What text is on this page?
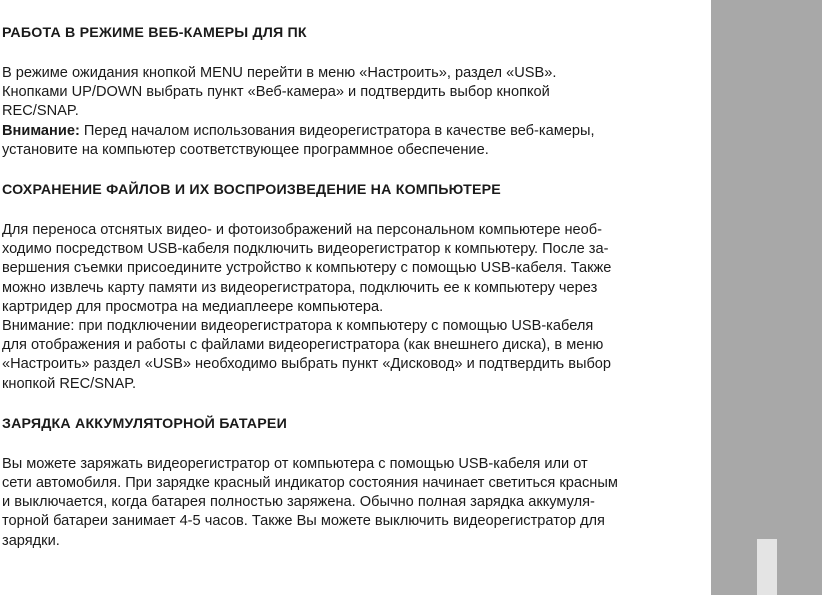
РАБОТА В РЕЖИМЕ ВЕБ-КАМЕРЫ ДЛЯ ПК

В режиме ожидания кнопкой MENU перейти в меню «Настроить», раздел «USB».
Кнопками UP/DOWN выбрать пункт «Веб-камера» и подтвердить выбор кнопкой
REC/SNAP.

Внимание: Перед началом использования видеорегистратора в качестве веб-камеры,
установите на компьютер соответствующее программное обеспечение.

СОХРАНЕНИЕ ФАЙЛОВ И ИХ ВОСПРОИЗВЕДЕНИЕ НА КОМПЬЮТЕРЕ

Для переноса отснятых видео- и фотоизображений на персональном компьютере необ-
ходимо посредством USB-кабеля подключить видеорегистратор к компьютеру. После за-
вершения съемки присоедините устройство к компьютеру с помощью USB-кабеля. Также
можно извлечь карту памяти из видеорегистратора, подключить ее к компьютеру через
картридер для просмотра на медиаплеере компьютера.

Внимание: при подключении видеорегистратора к компьютеру с помощью USB-кабеля
для отображения и работы с файлами видеорегистратора (как внешнего диска), в меню
«Настроить» раздел «USB» необходимо выбрать пункт «Дисковод» и подтвердить выбор
кнопкой REC/SNAP.

ЗАРЯДКА АККУМУЛЯТОРНОЙ БАТАРЕИ

Вы можете заряжать видеорегистратор от компьютера с помощью USB-кабеля или от
сети автомобиля. При зарядке красный индикатор состояния начинает светиться красным
и выключается, когда батарея полностью заряжена. Обычно полная зарядка аккумуля-
торной батареи занимает 4-5 часов. Также Вы можете выключить видеорегистратор для
зарядки.
